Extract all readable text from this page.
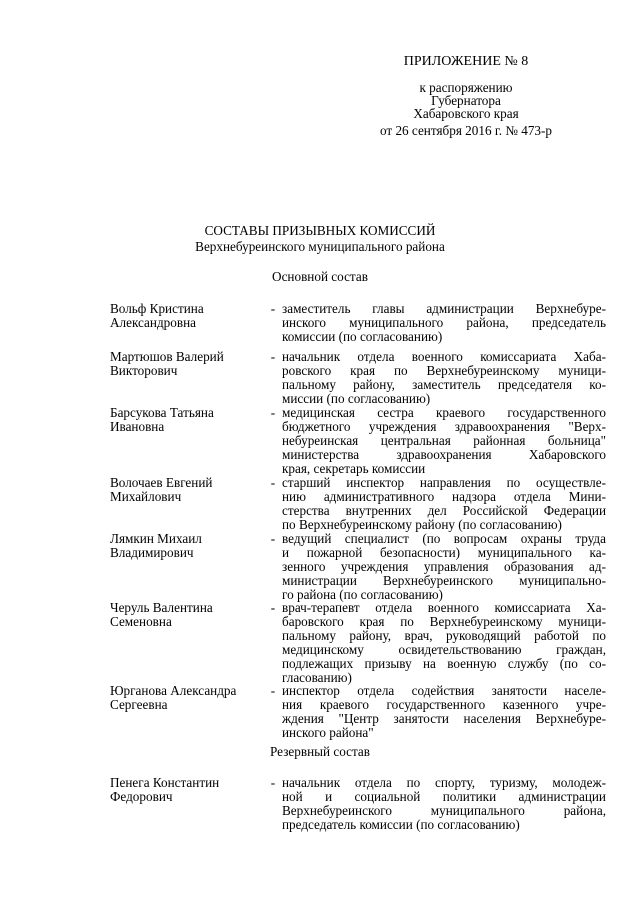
ПРИЛОЖЕНИЕ № 8
к распоряжению
Губернатора
Хабаровского края
от 26 сентября 2016 г. № 473-р
СОСТАВЫ ПРИЗЫВНЫХ КОМИССИЙ
Верхнебуреинского муниципального района
Основной состав
Вольф Кристина
Александровна
- заместитель главы администрации Верхнебуре-
инского муниципального района, председатель
комиссии (по согласованию)
Мартюшов Валерий
Викторович
- начальник отдела военного комиссариата Хаба-
ровского края по Верхнебуреинскому муници-
пальному району, заместитель председателя ко-
миссии (по согласованию)
Барсукова Татьяна
Ивановна
- медицинская сестра краевого государственного
бюджетного учреждения здравоохранения "Верх-
небуреинская центральная районная больница"
министерства здравоохранения Хабаровского
края, секретарь комиссии
Волочаев Евгений
Михайлович
- старший инспектор направления по осуществле-
нию административного надзора отдела Мини-
стерства внутренних дел Российской Федерации
по Верхнебуреинскому району (по согласованию)
Лямкин Михаил
Владимирович
- ведущий специалист (по вопросам охраны труда
и пожарной безопасности) муниципального ка-
зенного учреждения управления образования ад-
министрации Верхнебуреинского муниципально-
го района (по согласованию)
Черуль Валентина
Семеновна
- врач-терапевт отдела военного комиссариата Ха-
баровского края по Верхнебуреинскому муници-
пальному району, врач, руководящий работой по
медицинскому освидетельствованию граждан,
подлежащих призыву на военную службу (по со-
гласованию)
Юрганова Александра
Сергеевна
- инспектор отдела содействия занятости населе-
ния краевого государственного казенного учре-
ждения "Центр занятости населения Верхнебуре-
инского района"
Резервный состав
Пенега Константин
Федорович
- начальник отдела по спорту, туризму, молодеж-
ной и социальной политики администрации
Верхнебуреинского муниципального района,
председатель комиссии (по согласованию)
